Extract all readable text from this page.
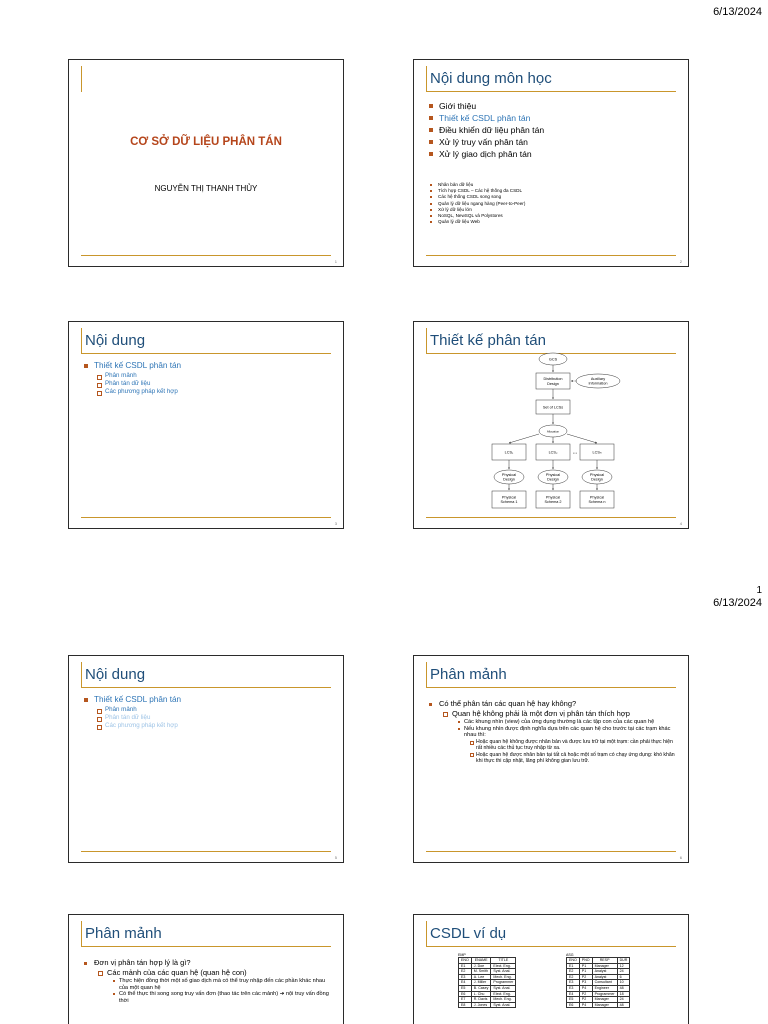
6/13/2024
CƠ SỞ DỮ LIỆU PHÂN TÁN
NGUYỄN THỊ THANH THỦY
1
Nội dung môn học
Giới thiệu
Thiết kế CSDL phân tán
Điều khiển dữ liệu phân tán
Xử lý truy vấn phân tán
Xử lý giao dịch phân tán
Nhân bản dữ liệu
Tích hợp CSDL – Các hệ thống đa CSDL
Các hệ thống CSDL song song
Quản lý dữ liệu ngang hàng (Peer-to-Peer)
Xử lý dữ liệu lớn
NoSQL, NewSQL và Polystores
Quản lý dữ liệu Web
2
Nội dung
Thiết kế CSDL phân tán
Phân mảnh
Phân tán dữ liệu
Các phương pháp kết hợp
3
Thiết kế phân tán
GCS
Distribution
Design
Auxiliary
Information
Set of LCSs
Allocation
LCS₁	LCS₂	LCSₙ
...
Physical
Design
Physical
Design
Physical
Design
Physical
Schema 1
Physical
Schema 2
Physical
Schema n
4
1
6/13/2024
Nội dung
Thiết kế CSDL phân tán
Phân mảnh
Phân tán dữ liệu
Các phương pháp kết hợp
5
Phân mảnh
Có thể phân tán các quan hệ hay không?
Quan hệ không phải là một đơn vị phân tán thích hợp
Các khung nhìn (view) của ứng dụng thường là các tập con của các quan hệ
Nếu khung nhìn được định nghĩa dựa trên các quan hệ cho trước tại các trạm khác nhau thì:
Hoặc quan hệ không được nhân bản và được lưu trữ tại một trạm: cần phải thực hiện rất nhiều các thủ tục truy nhập từ xa.
Hoặc quan hệ được nhân bản tại tất cả hoặc một số trạm có chạy ứng dụng: khó khăn khi thực thi cập nhật, lãng phí không gian lưu trữ.
6
Phân mảnh
Đơn vị phân tán hợp lý là gì?
Các mảnh của các quan hệ (quan hệ con)
Thực hiện đồng thời một số giao dịch mà có thể truy nhập đến các phần khác nhau của một quan hệ
Có thể thực thi song song truy vấn đơn (thao tác trên các mảnh) ➔ nội truy vấn đồng thời
CSDL ví dụ
EMP
ENO	ENAME	TITLE
E1	J. Doe	Elect. Eng.
E2	M. Smith	Syst. Anal.
E3	A. Lee	Mech. Eng.
E4	J. Miller	Programmer
E5	B. Casey	Syst. Anal.
E6	L. Chu	Elect. Eng.
E7	R. Davis	Mech. Eng.
E8	J. Jones	Syst. Anal.
ASG
ENO	PNO	RESP	DUR
E1	P1	Manager	12
E2	P1	Analyst	24
E2	P2	Analyst	6
E3	P3	Consultant	10
E3	P4	Engineer	48
E4	P2	Programmer	18
E5	P2	Manager	24
E6	P4	Manager	48
